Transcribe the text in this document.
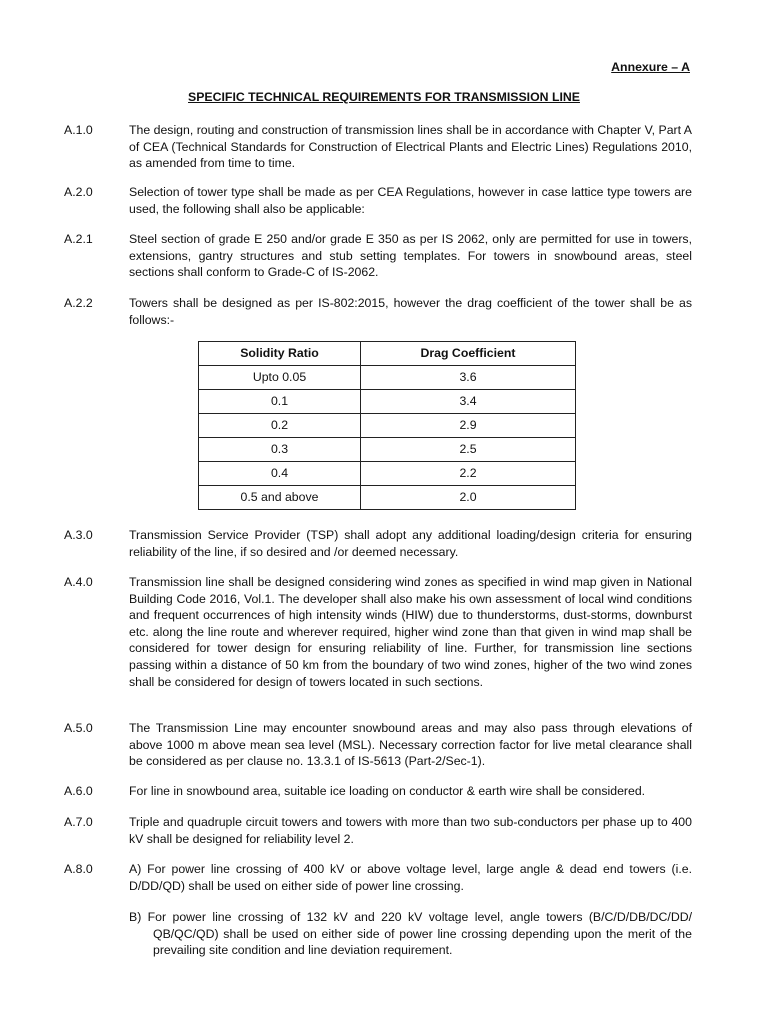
Annexure – A
SPECIFIC TECHNICAL REQUIREMENTS FOR TRANSMISSION LINE
A.1.0	The design, routing and construction of transmission lines shall be in accordance with Chapter V, Part A of CEA (Technical Standards for Construction of Electrical Plants and Electric Lines) Regulations 2010, as amended from time to time.
A.2.0	Selection of tower type shall be made as per CEA Regulations, however in case lattice type towers are used, the following shall also be applicable:
A.2.1	Steel section of grade E 250 and/or grade E 350 as per IS 2062, only are permitted for use in towers, extensions, gantry structures and stub setting templates. For towers in snowbound areas, steel sections shall conform to Grade-C of IS-2062.
A.2.2	Towers shall be designed as per IS-802:2015, however the drag coefficient of the tower shall be as follows:-
Solidity Ratio	Drag Coefficient
Upto 0.05	3.6
0.1	3.4
0.2	2.9
0.3	2.5
0.4	2.2
0.5 and above	2.0
A.3.0	Transmission Service Provider (TSP) shall adopt any additional loading/design criteria for ensuring reliability of the line, if so desired and /or deemed necessary.
A.4.0	Transmission line shall be designed considering wind zones as specified in wind map given in National Building Code 2016, Vol.1. The developer shall also make his own assessment of local wind conditions and frequent occurrences of high intensity winds (HIW) due to thunderstorms, dust-storms, downburst etc. along the line route and wherever required, higher wind zone than that given in wind map shall be considered for tower design for ensuring reliability of line. Further, for transmission line sections passing within a distance of 50 km from the boundary of two wind zones, higher of the two wind zones shall be considered for design of towers located in such sections.
A.5.0	The Transmission Line may encounter snowbound areas and may also pass through elevations of above 1000 m above mean sea level (MSL). Necessary correction factor for live metal clearance shall be considered as per clause no. 13.3.1 of IS-5613 (Part-2/Sec-1).
A.6.0	For line in snowbound area, suitable ice loading on conductor & earth wire shall be considered.
A.7.0	Triple and quadruple circuit towers and towers with more than two sub-conductors per phase up to 400 kV shall be designed for reliability level 2.
A.8.0	A) For power line crossing of 400 kV or above voltage level, large angle & dead end towers (i.e. D/DD/QD) shall be used on either side of power line crossing.
B) For power line crossing of 132 kV and 220 kV voltage level, angle towers (B/C/D/DB/DC/DD/ QB/QC/QD) shall be used on either side of power line crossing depending upon the merit of the prevailing site condition and line deviation requirement.
